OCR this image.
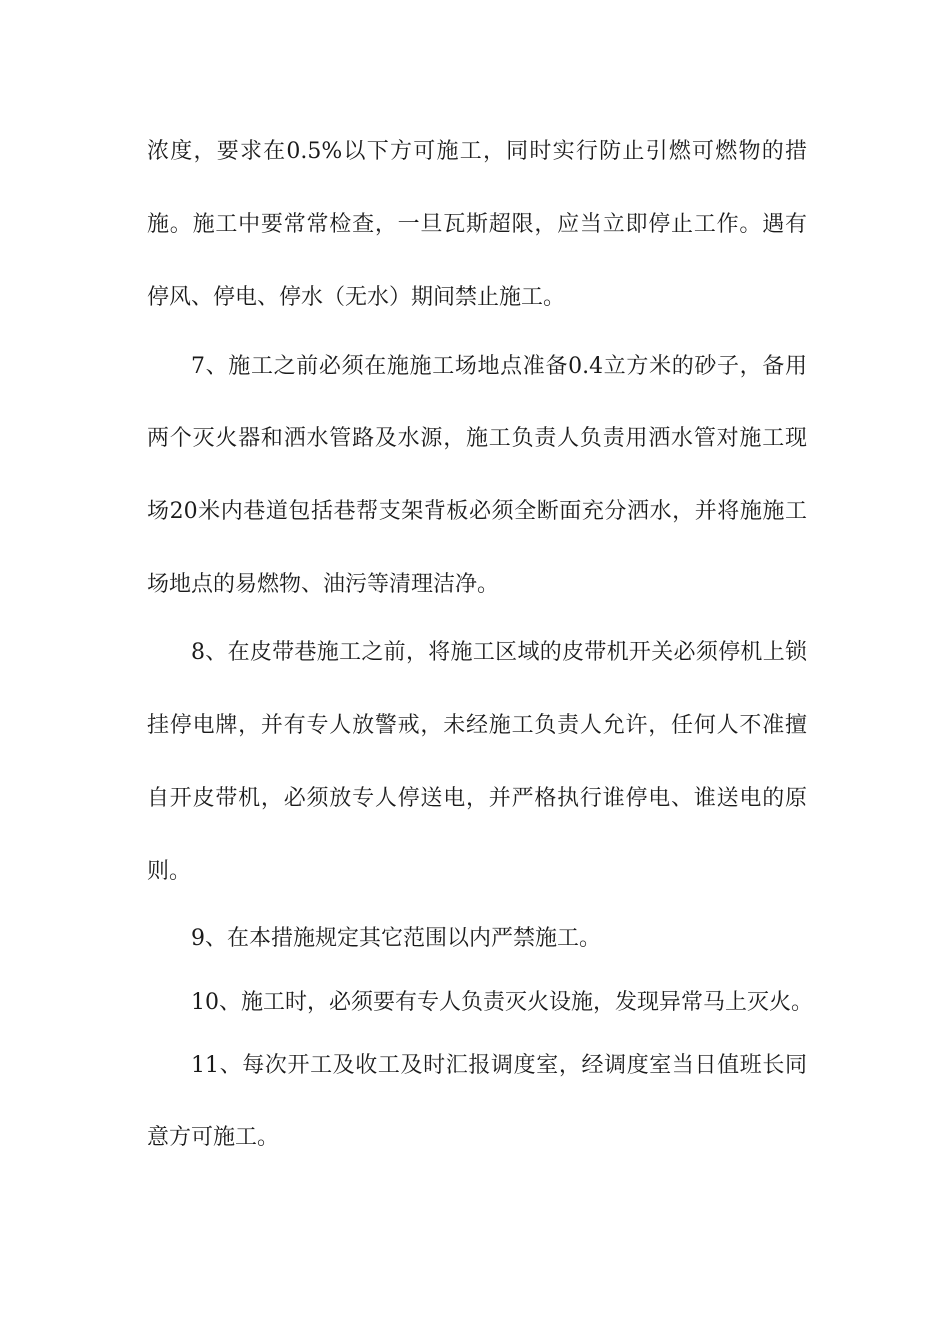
浓度，要求在0.5%以下方可施工，同时实行防止引燃可燃物的措
施。施工中要常常检查，一旦瓦斯超限，应当立即停止工作。遇有
停风、停电、停水（无水）期间禁止施工。
7、施工之前必须在施施工场地点准备0.4立方米的砂子，备用
两个灭火器和洒水管路及水源，施工负责人负责用洒水管对施工现
场20米内巷道包括巷帮支架背板必须全断面充分洒水，并将施施工
场地点的易燃物、油污等清理洁净。
8、在皮带巷施工之前，将施工区域的皮带机开关必须停机上锁
挂停电牌，并有专人放警戒，未经施工负责人允许，任何人不准擅
自开皮带机，必须放专人停送电，并严格执行谁停电、谁送电的原
则。
9、在本措施规定其它范围以内严禁施工。
10、施工时，必须要有专人负责灭火设施，发现异常马上灭火。
11、每次开工及收工及时汇报调度室，经调度室当日值班长同
意方可施工。
